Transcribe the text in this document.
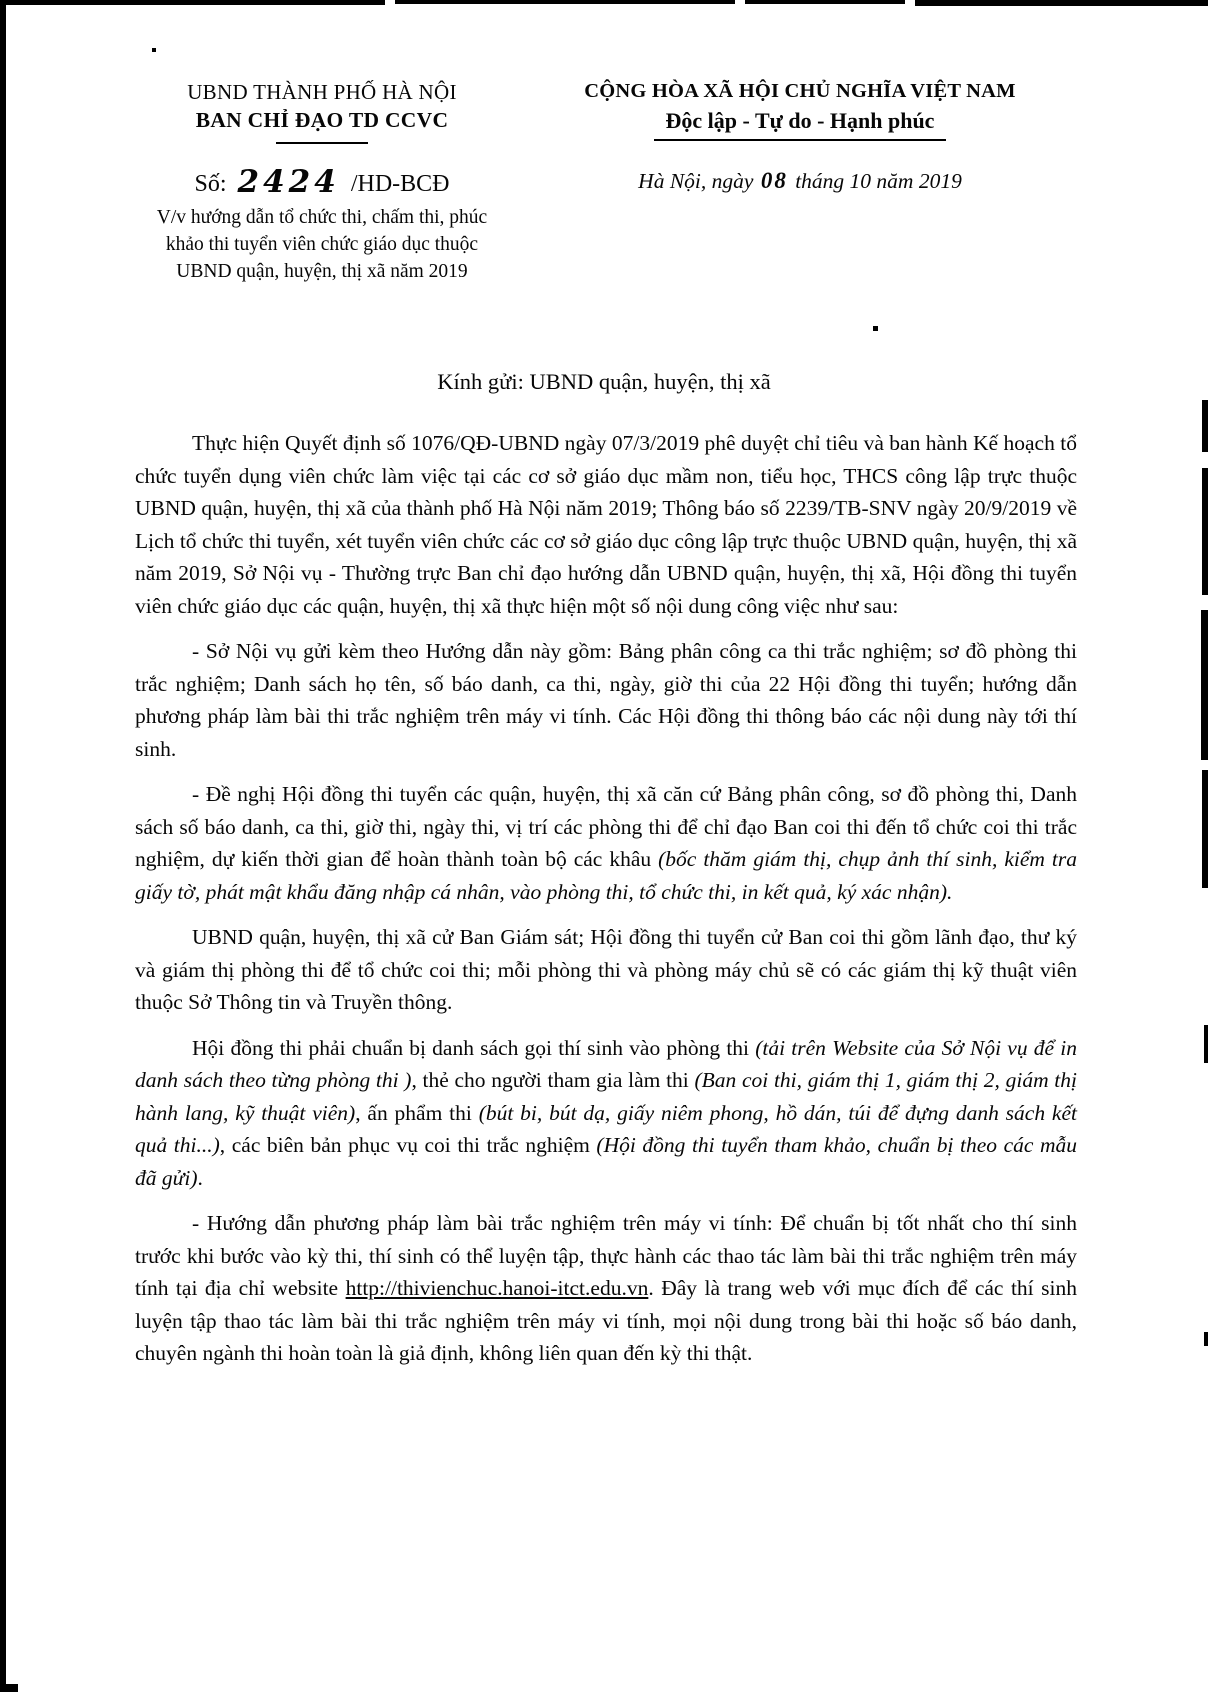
UBND THÀNH PHỐ HÀ NỘI
BAN CHỈ ĐẠO TD CCVC
Số: 2424 /HD-BCĐ
V/v hướng dẫn tổ chức thi, chấm thi, phúc khảo thi tuyển viên chức giáo dục thuộc UBND quận, huyện, thị xã năm 2019
CỘNG HÒA XÃ HỘI CHỦ NGHĨA VIỆT NAM
Độc lập - Tự do - Hạnh phúc
Hà Nội, ngày 08 tháng 10 năm 2019
Kính gửi: UBND quận, huyện, thị xã

Thực hiện Quyết định số 1076/QĐ-UBND ngày 07/3/2019 phê duyệt chỉ tiêu và ban hành Kế hoạch tổ chức tuyển dụng viên chức làm việc tại các cơ sở giáo dục mầm non, tiểu học, THCS công lập trực thuộc UBND quận, huyện, thị xã của thành phố Hà Nội năm 2019; Thông báo số 2239/TB-SNV ngày 20/9/2019 về Lịch tổ chức thi tuyển, xét tuyển viên chức các cơ sở giáo dục công lập trực thuộc UBND quận, huyện, thị xã năm 2019, Sở Nội vụ - Thường trực Ban chỉ đạo hướng dẫn UBND quận, huyện, thị xã, Hội đồng thi tuyển viên chức giáo dục các quận, huyện, thị xã thực hiện một số nội dung công việc như sau:

- Sở Nội vụ gửi kèm theo Hướng dẫn này gồm: Bảng phân công ca thi trắc nghiệm; sơ đồ phòng thi trắc nghiệm; Danh sách họ tên, số báo danh, ca thi, ngày, giờ thi của 22 Hội đồng thi tuyển; hướng dẫn phương pháp làm bài thi trắc nghiệm trên máy vi tính. Các Hội đồng thi thông báo các nội dung này tới thí sinh.

- Đề nghị Hội đồng thi tuyển các quận, huyện, thị xã căn cứ Bảng phân công, sơ đồ phòng thi, Danh sách số báo danh, ca thi, giờ thi, ngày thi, vị trí các phòng thi để chỉ đạo Ban coi thi đến tổ chức coi thi trắc nghiệm, dự kiến thời gian để hoàn thành toàn bộ các khâu (bốc thăm giám thị, chụp ảnh thí sinh, kiểm tra giấy tờ, phát mật khẩu đăng nhập cá nhân, vào phòng thi, tổ chức thi, in kết quả, ký xác nhận).

UBND quận, huyện, thị xã cử Ban Giám sát; Hội đồng thi tuyển cử Ban coi thi gồm lãnh đạo, thư ký và giám thị phòng thi để tổ chức coi thi; mỗi phòng thi và phòng máy chủ sẽ có các giám thị kỹ thuật viên thuộc Sở Thông tin và Truyền thông.

Hội đồng thi phải chuẩn bị danh sách gọi thí sinh vào phòng thi (tải trên Website của Sở Nội vụ để in danh sách theo từng phòng thi ), thẻ cho người tham gia làm thi (Ban coi thi, giám thị 1, giám thị 2, giám thị hành lang, kỹ thuật viên), ấn phẩm thi (bút bi, bút dạ, giấy niêm phong, hồ dán, túi để đựng danh sách kết quả thi...), các biên bản phục vụ coi thi trắc nghiệm (Hội đồng thi tuyển tham khảo, chuẩn bị theo các mẫu đã gửi).

- Hướng dẫn phương pháp làm bài trắc nghiệm trên máy vi tính: Để chuẩn bị tốt nhất cho thí sinh trước khi bước vào kỳ thi, thí sinh có thể luyện tập, thực hành các thao tác làm bài thi trắc nghiệm trên máy tính tại địa chỉ website http://thivienchuc.hanoi-itct.edu.vn. Đây là trang web với mục đích để các thí sinh luyện tập thao tác làm bài thi trắc nghiệm trên máy vi tính, mọi nội dung trong bài thi hoặc số báo danh, chuyên ngành thi hoàn toàn là giả định, không liên quan đến kỳ thi thật.
